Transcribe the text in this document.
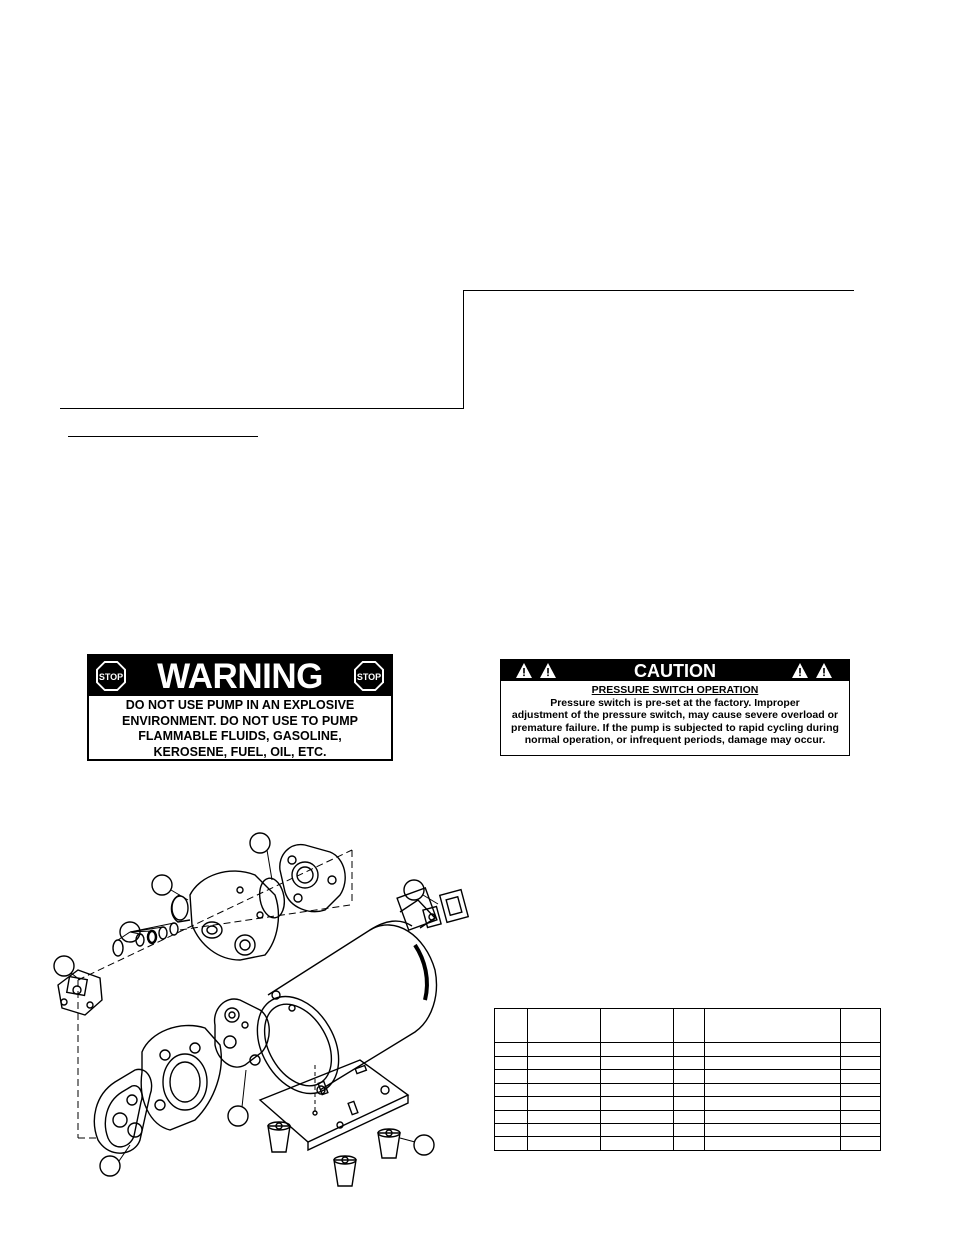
STOP WARNING	STOP
DO NOT USE PUMP IN AN EXPLOSIVE
ENVIRONMENT. DO NOT USE TO PUMP
FLAMMABLE FLUIDS, GASOLINE,
KEROSENE, FUEL, OIL, ETC.
CAUTION
PRESSURE SWITCH OPERATION
Pressure switch is pre-set at the factory. Improper
adjustment of the pressure switch, may cause severe overload or
premature failure. If the pump is subjected to rapid cycling during
normal operation, or infrequent periods, damage may occur.
